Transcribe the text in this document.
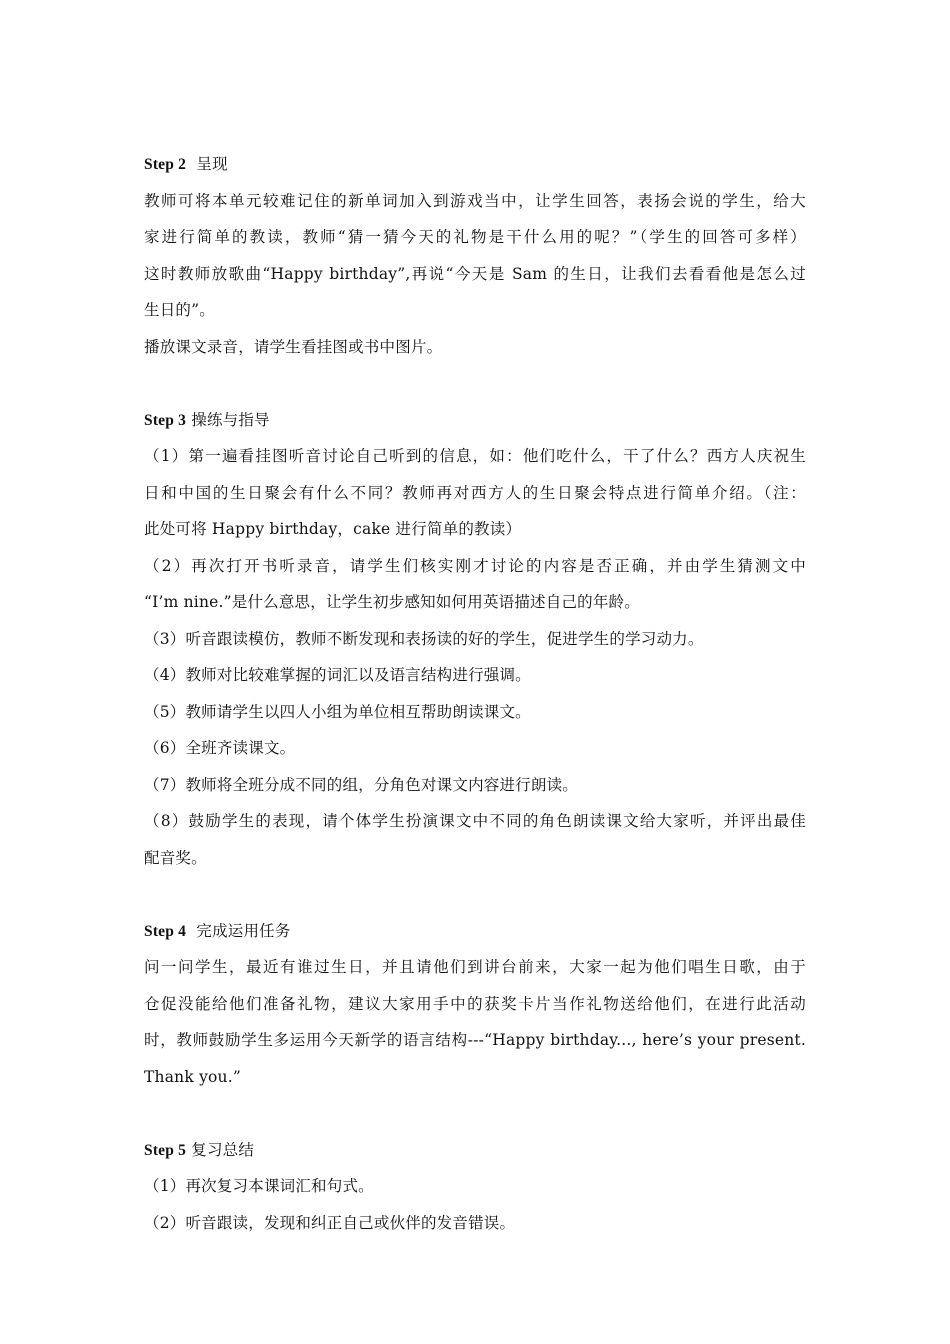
Step 2 呈现
教师可将本单元较难记住的新单词加入到游戏当中，让学生回答，表扬会说的学生，给大
家进行简单的教读，教师“猜一猜今天的礼物是干什么用的呢？”（学生的回答可多样）
这时教师放歌曲“Happy birthday”,再说“今天是 Sam 的生日，让我们去看看他是怎么过
生日的”。
播放课文录音，请学生看挂图或书中图片。
Step 3 操练与指导
（1）第一遍看挂图听音讨论自己听到的信息，如：他们吃什么，干了什么？西方人庆祝生
日和中国的生日聚会有什么不同？教师再对西方人的生日聚会特点进行简单介绍。（注：
此处可将 Happy birthday，cake 进行简单的教读）
（2）再次打开书听录音，请学生们核实刚才讨论的内容是否正确，并由学生猜测文中
“I’m nine.”是什么意思，让学生初步感知如何用英语描述自己的年龄。
（3）听音跟读模仿，教师不断发现和表扬读的好的学生，促进学生的学习动力。
（4）教师对比较难掌握的词汇以及语言结构进行强调。
（5）教师请学生以四人小组为单位相互帮助朗读课文。
（6）全班齐读课文。
（7）教师将全班分成不同的组，分角色对课文内容进行朗读。
（8）鼓励学生的表现，请个体学生扮演课文中不同的角色朗读课文给大家听，并评出最佳
配音奖。
Step 4 完成运用任务
问一问学生，最近有谁过生日，并且请他们到讲台前来，大家一起为他们唱生日歌，由于
仓促没能给他们准备礼物，建议大家用手中的获奖卡片当作礼物送给他们，在进行此活动
时，教师鼓励学生多运用今天新学的语言结构---“Happy birthday..., here’s your present.
Thank you.”
Step 5 复习总结
（1）再次复习本课词汇和句式。
（2）听音跟读，发现和纠正自己或伙伴的发音错误。
